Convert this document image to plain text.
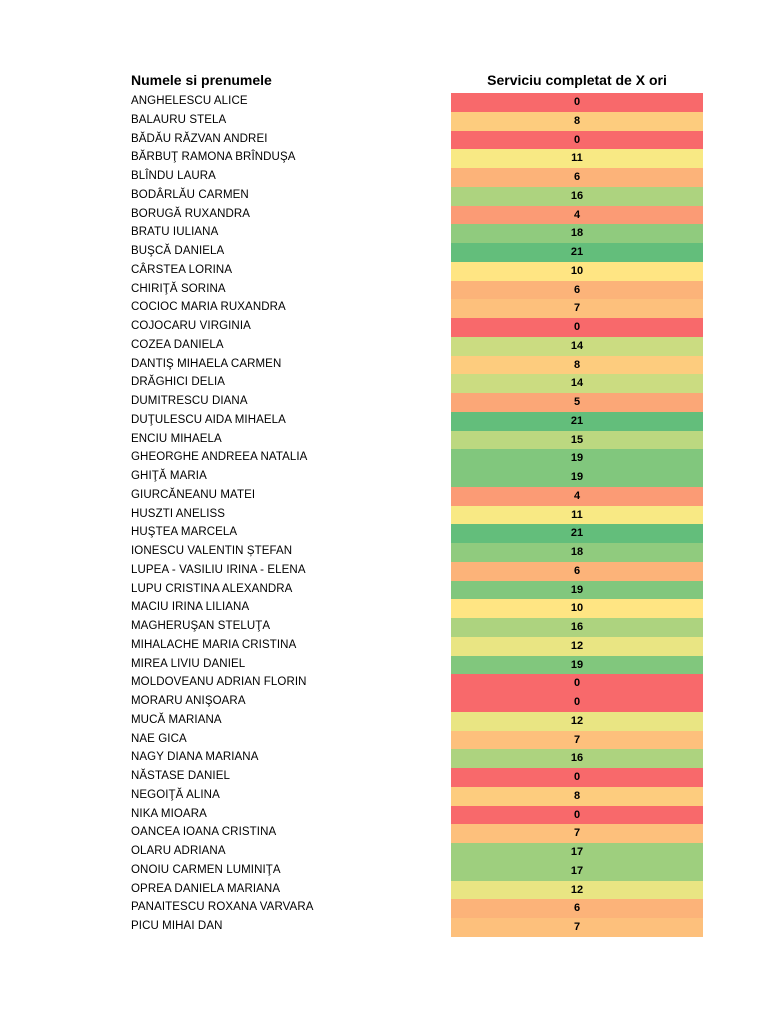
Numele si prenumele	Serviciu completat de X ori
ANGHELESCU ALICE	0
BALAURU STELA	8
BĂDĂU RĂZVAN ANDREI	0
BĂRBUŢ RAMONA BRÎNDUŞA	11
BLÎNDU LAURA	6
BODÂRLĂU CARMEN	16
BORUGĂ RUXANDRA	4
BRATU IULIANA	18
BUŞCĂ DANIELA	21
CÂRSTEA LORINA	10
CHIRIŢĂ SORINA	6
COCIOC MARIA RUXANDRA	7
COJOCARU VIRGINIA	0
COZEA DANIELA	14
DANTIŞ MIHAELA CARMEN	8
DRĂGHICI DELIA	14
DUMITRESCU DIANA	5
DUŢULESCU AIDA MIHAELA	21
ENCIU MIHAELA	15
GHEORGHE ANDREEA NATALIA	19
GHIŢĂ MARIA	19
GIURCĂNEANU MATEI	4
HUSZTI ANELISS	11
HUŞTEA MARCELA	21
IONESCU VALENTIN ȘTEFAN	18
LUPEA - VASILIU IRINA - ELENA	6
LUPU CRISTINA ALEXANDRA	19
MACIU IRINA LILIANA	10
MAGHERUŞAN STELUŢA	16
MIHALACHE MARIA CRISTINA	12
MIREA LIVIU DANIEL	19
MOLDOVEANU ADRIAN FLORIN	0
MORARU ANIŞOARA	0
MUCĂ MARIANA	12
NAE GICA	7
NAGY DIANA MARIANA	16
NĂSTASE DANIEL	0
NEGOIŢĂ ALINA	8
NIKA MIOARA	0
OANCEA IOANA CRISTINA	7
OLARU ADRIANA	17
ONOIU CARMEN LUMINIŢA	17
OPREA DANIELA MARIANA	12
PANAITESCU ROXANA VARVARA	6
PICU MIHAI DAN	7
